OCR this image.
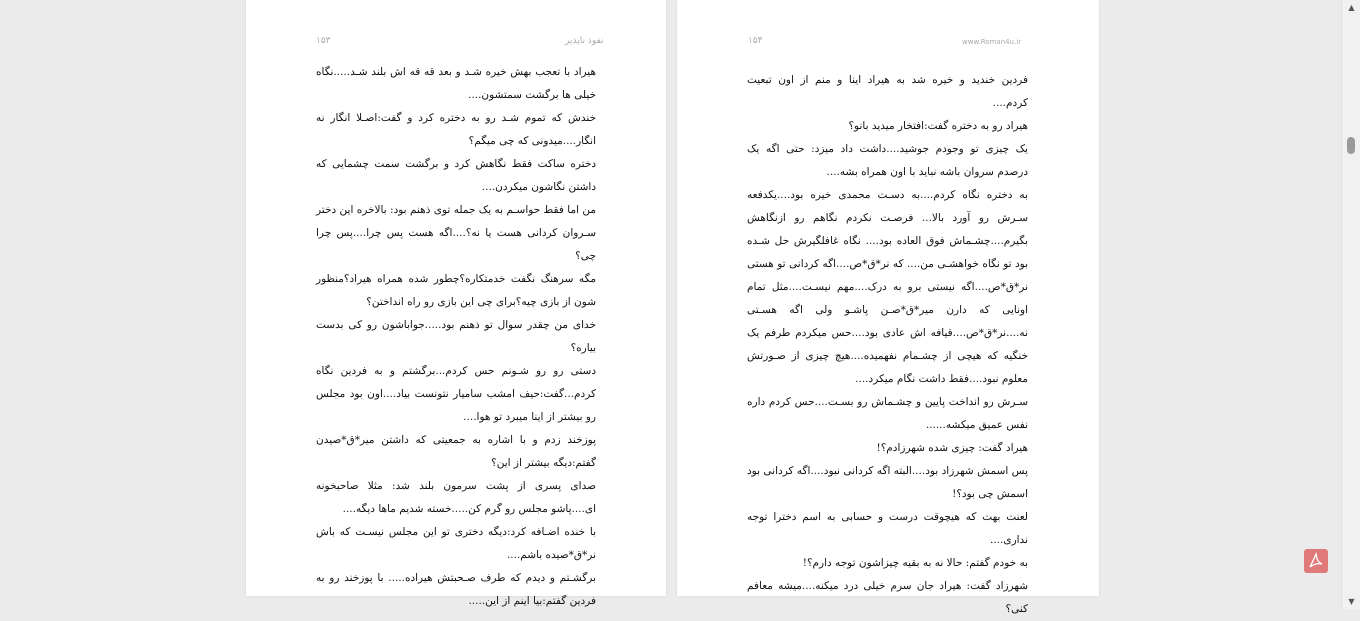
نفوذ ناپذیر
۱۵۳

هیراد با تعجب بهش خیره شـد و بعد قه قه اش بلند شـد.....نگاه خیلی ها برگشت سمتشون....

خندش که تموم شـد رو به دختره کرد و گفت:اصـلا انگار نه انگار....میدونی که چی میگم؟

دختره ساکت فقط نگاهش کرد و برگشت سمت چشمایی که داشتن نگاشون میکردن....

من اما فقط حواسـم به یک جمله توی ذهنم بود: بالاخره این دختر سـروان کردانی هست یا نه؟....اگه هست پس چرا....پس چرا چی؟

مگه سرهنگ نگفت خدمتکاره؟چطور شده همراه هیراد؟منظور شون از بازی چیه؟برای چی این بازی رو راه انداختن؟

خدای من چقدر سوال تو ذهنم بود.....جواباشون رو کی بدست بیاره؟

دستی رو رو شـونم حس کردم...برگشتم و به فردین نگاه کردم...گفت:حیف امشب سامیار نتونست بیاد....اون بود مجلس رو بیشتر از اینا میبرد تو هوا....

پوزخند زدم و با اشاره به جمعیتی که داشتن میر*ق*صیدن گفتم:دیگه بیشتر از این؟

صدای پسری از پشت سرمون بلند شد: مثلا صاحبخونه ای....پاشو مجلس رو گرم کن.....خسته شدیم ماها دیگه....

با خنده اضـافه کرد:دیگه دختری تو این مجلس نیسـت که باش نر*ق*صیده باشم....

برگشـتم و دیدم که طرف صـحبتش هیراده..... با پوزخند رو به فردین گفتم:بیا اینم از این.....

www.Roman4u.ir
۱۵۴

فردین خندید و خیره شد به هیراد اینا و منم از اون تبعیت کردم....

هیراد رو به دختره گفت:افتخار میدید بانو؟

یک چیزی تو وجودم جوشید....داشت داد میزد: حتی اگه یک درصدم سروان باشه نباید با اون همراه بشه....

به دختره نگاه کردم....به دسـت محمدی خیره بود....یکدفعه سـرش رو آورد بالا... فرصـت نکردم نگاهم رو ازنگاهش بگیرم....چشـماش فوق العاده بود.... نگاه غافلگیرش حل شـده بود تو نگاه خواهشـی من.... که نر*ق*ص....اگه کردانی تو هستی نر*ق*ص....اگه نیستی برو به درک....مهم نیسـت....مثل تمام اونایی که دارن میر*ق*صـن پاشـو ولی اگه هسـتی نه....نر*ق*ص....قیافه اش عادی بود....حس میکردم طرفم یک خنگیه که هیچی از چشـمام نفهمیده....هیچ چیزی از صـورتش معلوم نبود....فقط داشت نگام میکرد....

سـرش رو انداخت پایین و چشـماش رو بسـت....حس کردم داره نفس عمیق میکشه......

هیراد گفت: چیزی شده شهرزادم؟!

پس اسمش شهرزاد بود....البته اگه کردانی نبود....اگه کردانی بود اسمش چی بود؟!

لعنت بهت که هیچوقت درست و حسابی به اسم دخترا توجه نداری....

به خودم گفتم: حالا نه به بقیه چیزاشون توجه دارم؟!

شهرزاد گفت: هیراد جان سرم خیلی درد میکنه....میشه معافم کنی؟

▲
▼
